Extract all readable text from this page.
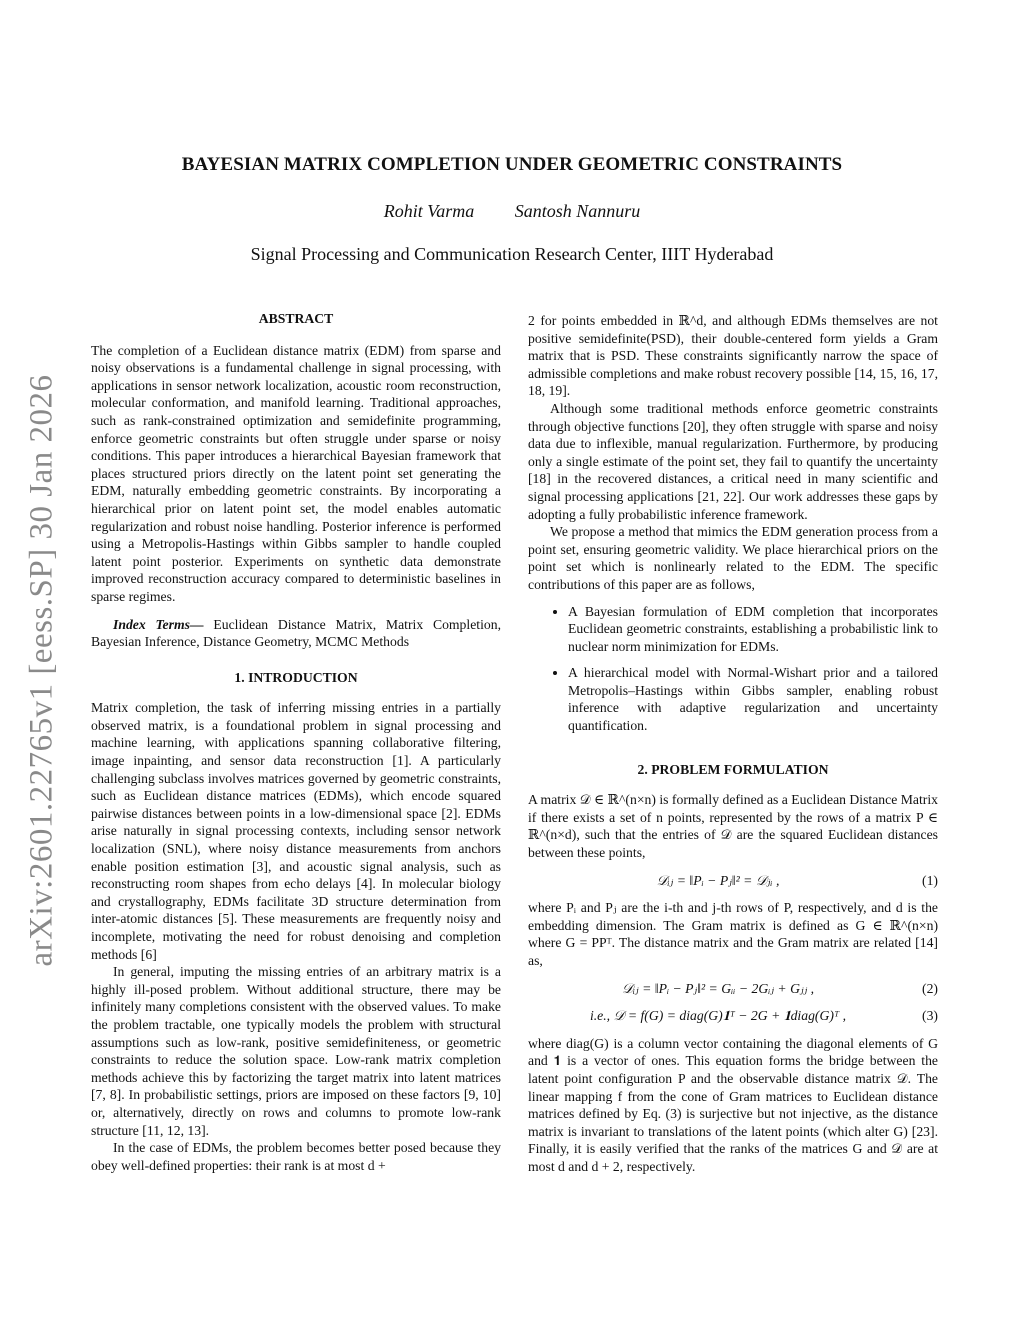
arXiv:2601.22765v1 [eess.SP] 30 Jan 2026
BAYESIAN MATRIX COMPLETION UNDER GEOMETRIC CONSTRAINTS
Rohit Varma Santosh Nannuru
Signal Processing and Communication Research Center, IIIT Hyderabad
ABSTRACT

The completion of a Euclidean distance matrix (EDM) from sparse and noisy observations is a fundamental challenge in signal processing, with applications in sensor network localization, acoustic room reconstruction, molecular conformation, and manifold learning. Traditional approaches, such as rank-constrained optimization and semidefinite programming, enforce geometric constraints but often struggle under sparse or noisy conditions. This paper introduces a hierarchical Bayesian framework that places structured priors directly on the latent point set generating the EDM, naturally embedding geometric constraints. By incorporating a hierarchical prior on latent point set, the model enables automatic regularization and robust noise handling. Posterior inference is performed using a Metropolis-Hastings within Gibbs sampler to handle coupled latent point posterior. Experiments on synthetic data demonstrate improved reconstruction accuracy compared to deterministic baselines in sparse regimes.

Index Terms— Euclidean Distance Matrix, Matrix Completion, Bayesian Inference, Distance Geometry, MCMC Methods

1. INTRODUCTION

Matrix completion, the task of inferring missing entries in a partially observed matrix, is a foundational problem in signal processing and machine learning, with applications spanning collaborative filtering, image inpainting, and sensor data reconstruction [1]. A particularly challenging subclass involves matrices governed by geometric constraints, such as Euclidean distance matrices (EDMs), which encode squared pairwise distances between points in a low-dimensional space [2]. EDMs arise naturally in signal processing contexts, including sensor network localization (SNL), where noisy distance measurements from anchors enable position estimation [3], and acoustic signal analysis, such as reconstructing room shapes from echo delays [4]. In molecular biology and crystallography, EDMs facilitate 3D structure determination from inter-atomic distances [5]. These measurements are frequently noisy and incomplete, motivating the need for robust denoising and completion methods [6]

In general, imputing the missing entries of an arbitrary matrix is a highly ill-posed problem. Without additional structure, there may be infinitely many completions consistent with the observed values. To make the problem tractable, one typically models the problem with structural assumptions such as low-rank, positive semidefiniteness, or geometric constraints to reduce the solution space. Low-rank matrix completion methods achieve this by factorizing the target matrix into latent matrices [7, 8]. In probabilistic settings, priors are imposed on these factors [9, 10] or, alternatively, directly on rows and columns to promote low-rank structure [11, 12, 13].

In the case of EDMs, the problem becomes better posed because they obey well-defined properties: their rank is at most d +

2 for points embedded in ℝ^d, and although EDMs themselves are not positive semidefinite(PSD), their double-centered form yields a Gram matrix that is PSD. These constraints significantly narrow the space of admissible completions and make robust recovery possible [14, 15, 16, 17, 18, 19].

Although some traditional methods enforce geometric constraints through objective functions [20], they often struggle with sparse and noisy data due to inflexible, manual regularization. Furthermore, by producing only a single estimate of the point set, they fail to quantify the uncertainty [18] in the recovered distances, a critical need in many scientific and signal processing applications [21, 22]. Our work addresses these gaps by adopting a fully probabilistic inference framework.

We propose a method that mimics the EDM generation process from a point set, ensuring geometric validity. We place hierarchical priors on the point set which is nonlinearly related to the EDM. The specific contributions of this paper are as follows,

• A Bayesian formulation of EDM completion that incorporates Euclidean geometric constraints, establishing a probabilistic link to nuclear norm minimization for EDMs.
• A hierarchical model with Normal-Wishart prior and a tailored Metropolis–Hastings within Gibbs sampler, enabling robust inference with adaptive regularization and uncertainty quantification.
2. PROBLEM FORMULATION

A matrix 𝒟 ∈ ℝ^(n×n) is formally defined as a Euclidean Distance Matrix if there exists a set of n points, represented by the rows of a matrix P ∈ ℝ^(n×d), such that the entries of 𝒟 are the squared Euclidean distances between these points,

𝒟ᵢⱼ = ‖Pᵢ − Pⱼ‖² = 𝒟ⱼᵢ ,	(1)

where Pᵢ and Pⱼ are the i-th and j-th rows of P, respectively, and d is the embedding dimension. The Gram matrix is defined as G ∈ ℝ^(n×n) where G = PPᵀ. The distance matrix and the Gram matrix are related [14] as,

𝒟ᵢⱼ = ‖Pᵢ − Pⱼ‖² = Gᵢᵢ − 2Gᵢⱼ + Gⱼⱼ ,	(2)
i.e., 𝒟 = f(G) = diag(G)𝟏ᵀ − 2G + 𝟏diag(G)ᵀ ,	(3)

where diag(G) is a column vector containing the diagonal elements of G and 𝟏 is a vector of ones. This equation forms the bridge between the latent point configuration P and the observable distance matrix 𝒟. The linear mapping f from the cone of Gram matrices to Euclidean distance matrices defined by Eq. (3) is surjective but not injective, as the distance matrix is invariant to translations of the latent points (which alter G) [23]. Finally, it is easily verified that the ranks of the matrices G and 𝒟 are at most d and d + 2, respectively.
